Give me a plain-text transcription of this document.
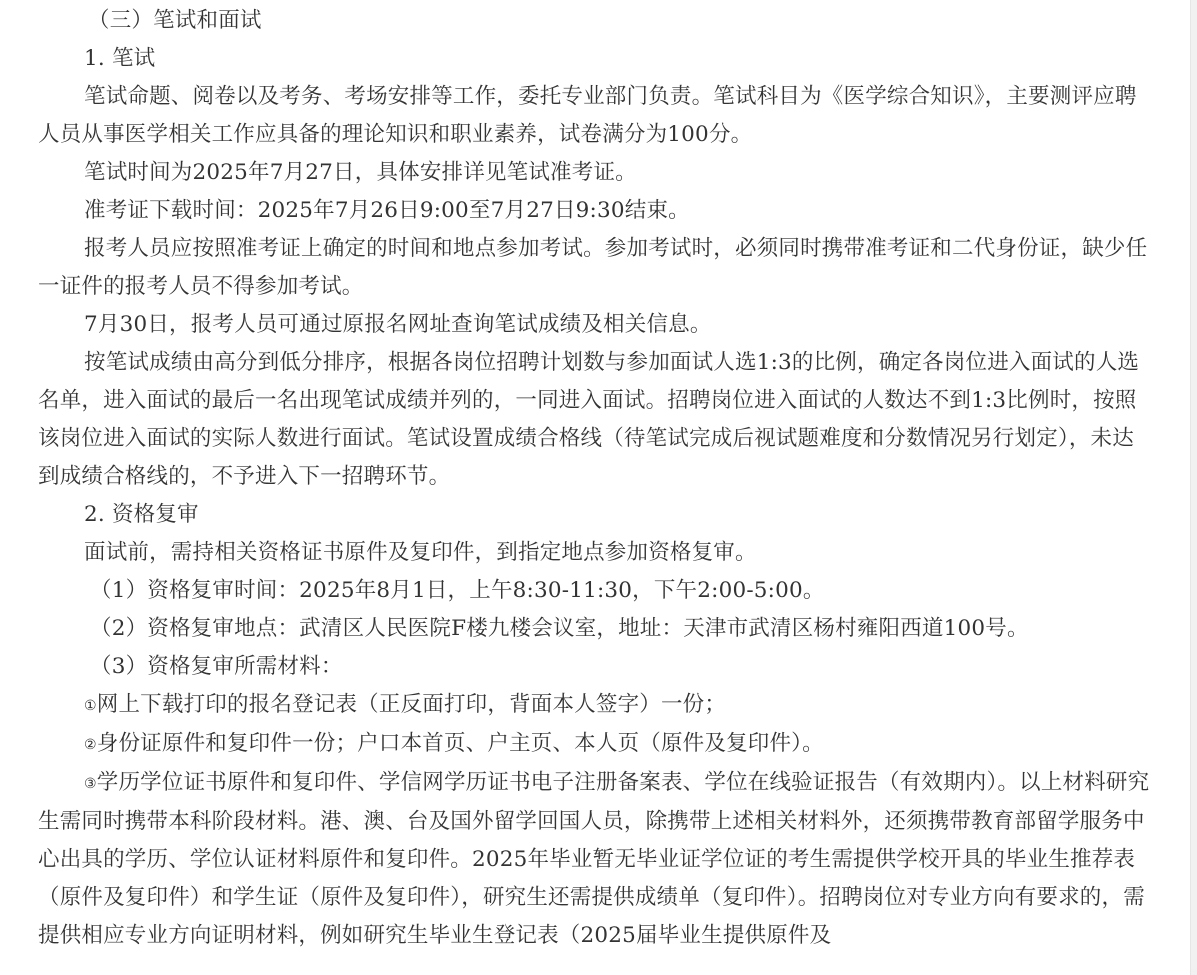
（三）笔试和面试

1. 笔试

笔试命题、阅卷以及考务、考场安排等工作，委托专业部门负责。笔试科目为《医学综合知识》，主要测评应聘人员从事医学相关工作应具备的理论知识和职业素养，试卷满分为100分。

笔试时间为2025年7月27日，具体安排详见笔试准考证。

准考证下载时间：2025年7月26日9:00至7月27日9:30结束。

报考人员应按照准考证上确定的时间和地点参加考试。参加考试时，必须同时携带准考证和二代身份证，缺少任一证件的报考人员不得参加考试。

7月30日，报考人员可通过原报名网址查询笔试成绩及相关信息。

按笔试成绩由高分到低分排序，根据各岗位招聘计划数与参加面试人选1:3的比例，确定各岗位进入面试的人选名单，进入面试的最后一名出现笔试成绩并列的，一同进入面试。招聘岗位进入面试的人数达不到1:3比例时，按照该岗位进入面试的实际人数进行面试。笔试设置成绩合格线（待笔试完成后视试题难度和分数情况另行划定），未达到成绩合格线的，不予进入下一招聘环节。

2. 资格复审

面试前，需持相关资格证书原件及复印件，到指定地点参加资格复审。

（1）资格复审时间：2025年8月1日，上午8:30-11:30，下午2:00-5:00。

（2）资格复审地点：武清区人民医院F楼九楼会议室，地址：天津市武清区杨村雍阳西道100号。

（3）资格复审所需材料：

①网上下载打印的报名登记表（正反面打印，背面本人签字）一份；

②身份证原件和复印件一份；户口本首页、户主页、本人页（原件及复印件）。

③学历学位证书原件和复印件、学信网学历证书电子注册备案表、学位在线验证报告（有效期内）。以上材料研究生需同时携带本科阶段材料。港、澳、台及国外留学回国人员，除携带上述相关材料外，还须携带教育部留学服务中心出具的学历、学位认证材料原件和复印件。2025年毕业暂无毕业证学位证的考生需提供学校开具的毕业生推荐表（原件及复印件）和学生证（原件及复印件），研究生还需提供成绩单（复印件）。招聘岗位对专业方向有要求的，需提供相应专业方向证明材料，例如研究生毕业生登记表（2025届毕业生提供原件及
